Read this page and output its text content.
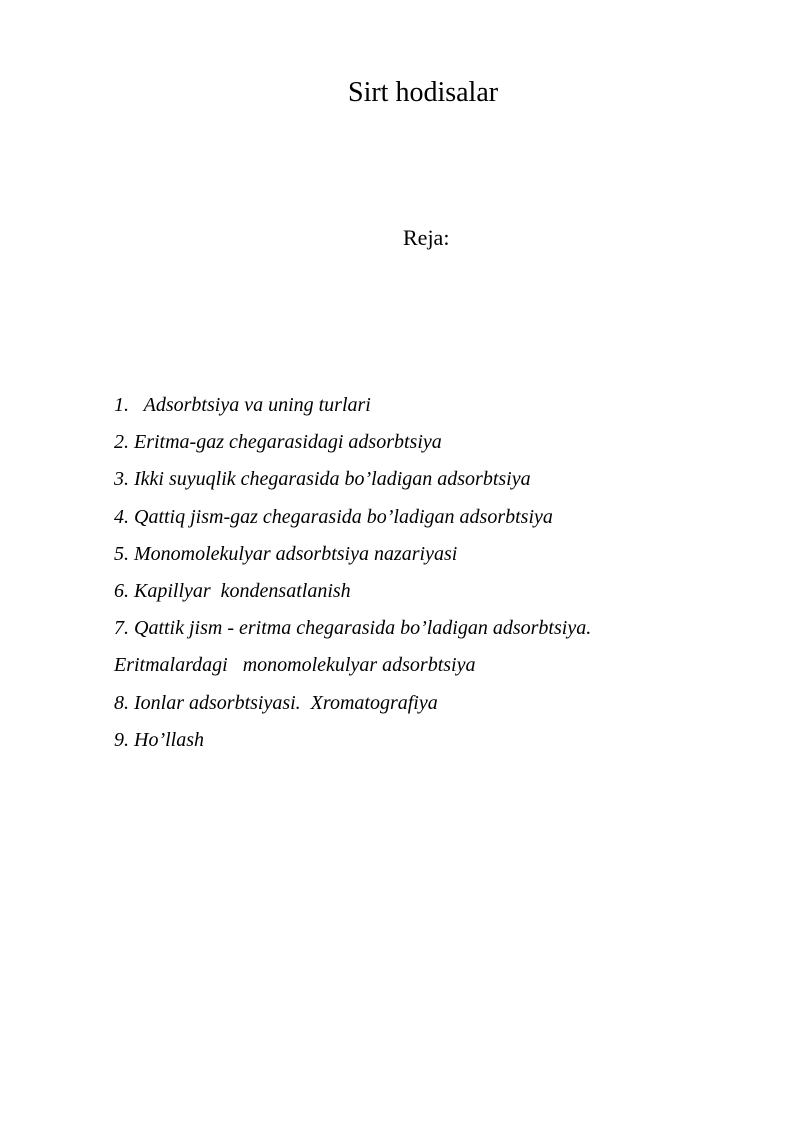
Sirt hodisalar
Reja:
1.   Adsorbtsiya va uning turlari
2. Eritma-gaz chegarasidagi adsorbtsiya
3. Ikki suyuqlik chegarasida bo’ladigan adsorbtsiya
4. Qattiq jism-gaz chegarasida bo’ladigan adsorbtsiya
5. Monomolekulyar adsorbtsiya nazariyasi
6. Kapillyar  kondensatlanish
7. Qattik jism - eritma chegarasida bo’ladigan adsorbtsiya.
Eritmalardagi   monomolekulyar adsorbtsiya
8. Ionlar adsorbtsiyasi.  Xromatografiya
9. Ho’llash
